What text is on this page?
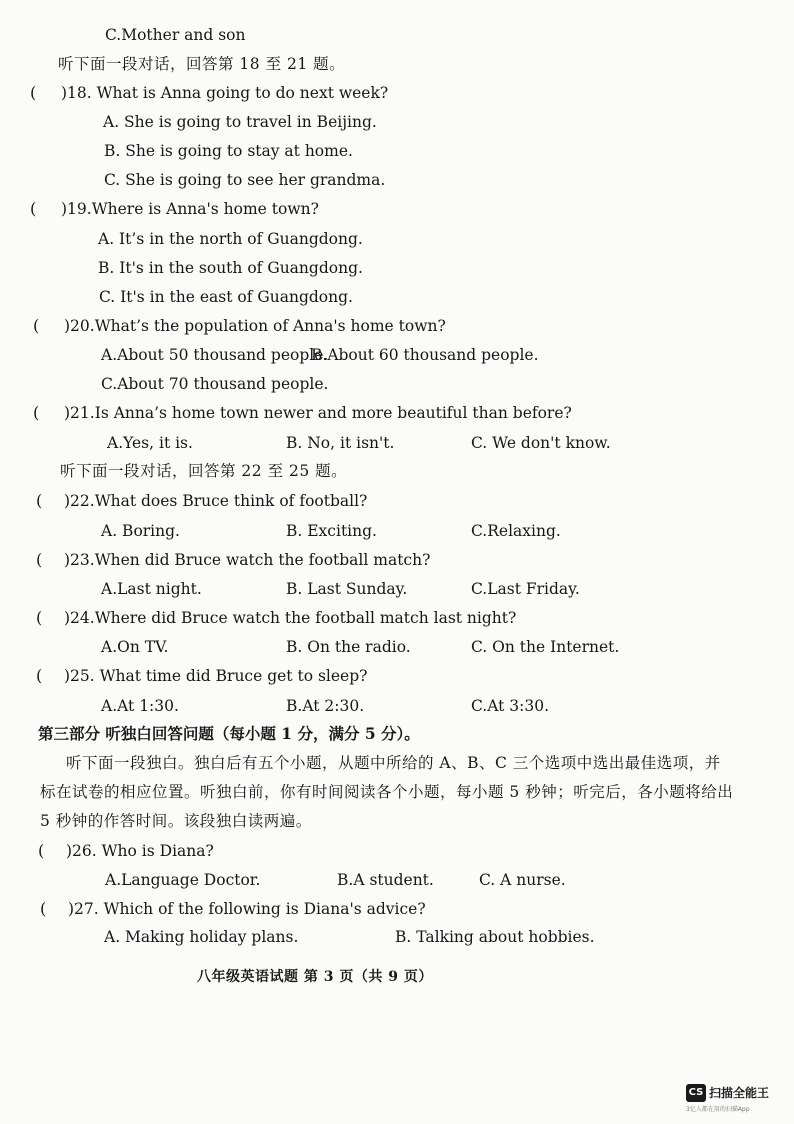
C.Mother and son
听下面一段对话，回答第 18 至 21 题。
( )18. What is Anna going to do next week?
A. She is going to travel in Beijing.
B. She is going to stay at home.
C. She is going to see her grandma.
( )19.Where is Anna's home town?
A. It’s in the north of Guangdong.
B. It's in the south of Guangdong.
C. It's in the east of Guangdong.
( )20.What’s the population of Anna's home town?
A.About 50 thousand people.
B.About 60 thousand people.
C.About 70 thousand people.
( )21.Is Anna’s home town newer and more beautiful than before?
A.Yes, it is.	B. No, it isn't.	C. We don't know.
听下面一段对话，回答第 22 至 25 题。
( )22.What does Bruce think of football?
A. Boring.	B. Exciting.	C.Relaxing.
( )23.When did Bruce watch the football match?
A.Last night.	B. Last Sunday.	C.Last Friday.
( )24.Where did Bruce watch the football match last night?
A.On TV.	B. On the radio.	C. On the Internet.
( )25. What time did Bruce get to sleep?
A.At 1:30.	B.At 2:30.	C.At 3:30.
第三部分 听独白回答问题（每小题 1 分，满分 5 分）。
听下面一段独白。独白后有五个小题，从题中所给的 A、B、C 三个选项中选出最佳选项，并
标在试卷的相应位置。听独白前，你有时间阅读各个小题，每小题 5 秒钟；听完后，各小题将给出
5 秒钟的作答时间。该段独白读两遍。
( )26. Who is Diana?
A.Language Doctor.	B.A student.	C. A nurse.
( )27. Which of the following is Diana's advice?
A. Making holiday plans.	B. Talking about hobbies.
八年级英语试题 第 3 页（共 9 页）
CS 扫描全能王
3亿人都在用的扫描App
